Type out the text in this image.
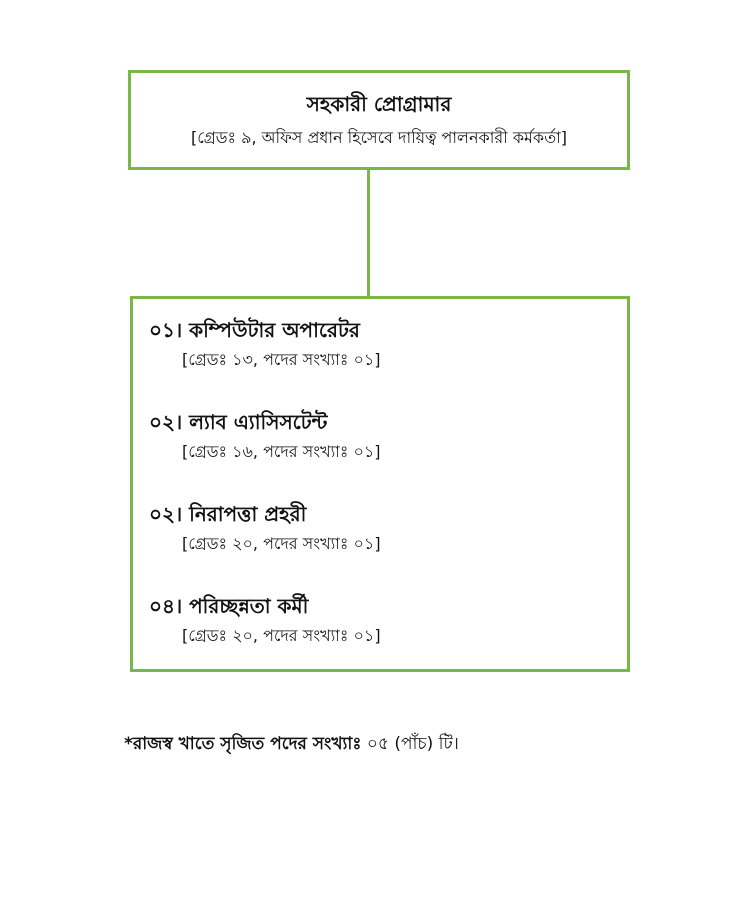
সহকারী প্রোগ্রামার
[গ্রেডঃ ৯, অফিস প্রধান হিসেবে দায়িত্ব পালনকারী কর্মকর্তা]
০১। কম্পিউটার অপারেটর
[গ্রেডঃ ১৩, পদের সংখ্যাঃ ০১]
০২। ল্যাব এ্যাসিসটেন্ট
[গ্রেডঃ ১৬, পদের সংখ্যাঃ ০১]
০২। নিরাপত্তা প্রহরী
[গ্রেডঃ ২০, পদের সংখ্যাঃ ০১]
০৪। পরিচ্ছন্নতা কর্মী
[গ্রেডঃ ২০, পদের সংখ্যাঃ ০১]
*রাজস্ব খাতে সৃজিত পদের সংখ্যাঃ ০৫ (পাঁচ) টি।
